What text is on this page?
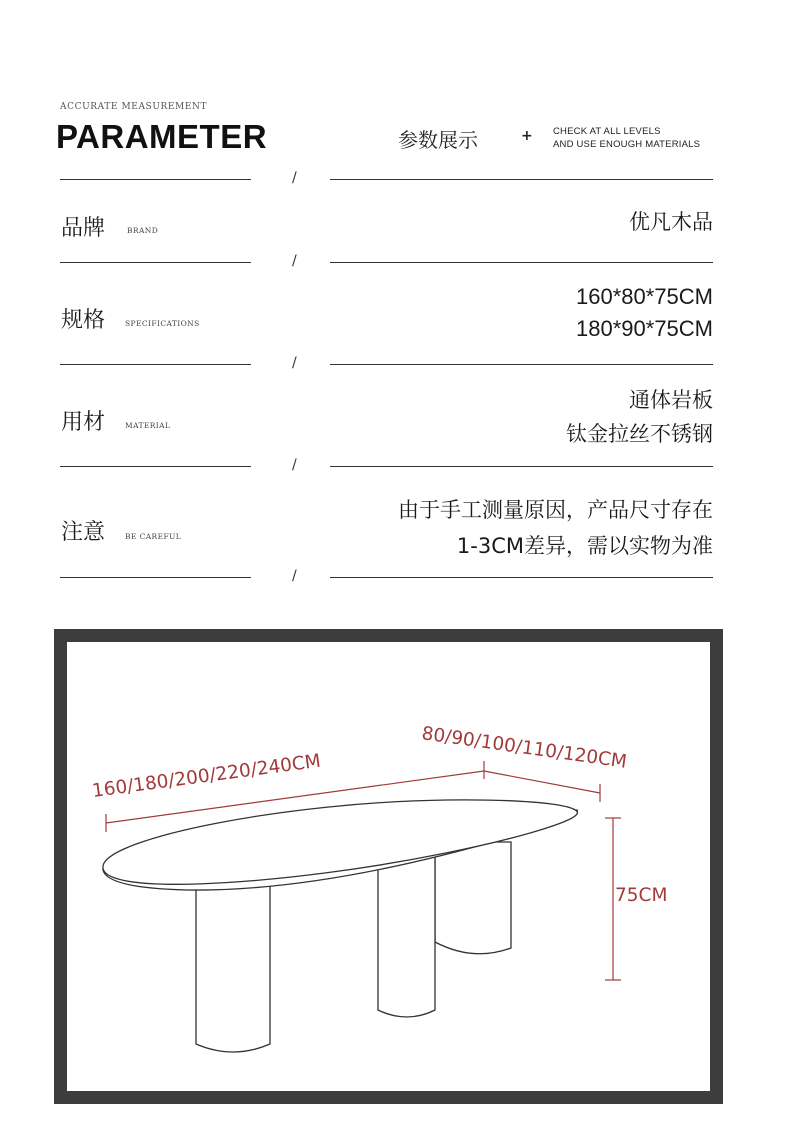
ACCURATE MEASUREMENT
PARAMETER	参数展示	+ CHECK AT ALL LEVELS
AND USE ENOUGH MATERIALS
/
品牌	BRAND	优凡木品
/
规格	SPECIFICATIONS
160*80*75CM
180*90*75CM
/
用材	MATERIAL
通体岩板
钛金拉丝不锈钢
/
注意	BE CAREFUL
由于手工测量原因，产品尺寸存在
1-3CM差异，需以实物为准
/
160/180/200/220/240CM
80/90/100/110/120CM
75CM
